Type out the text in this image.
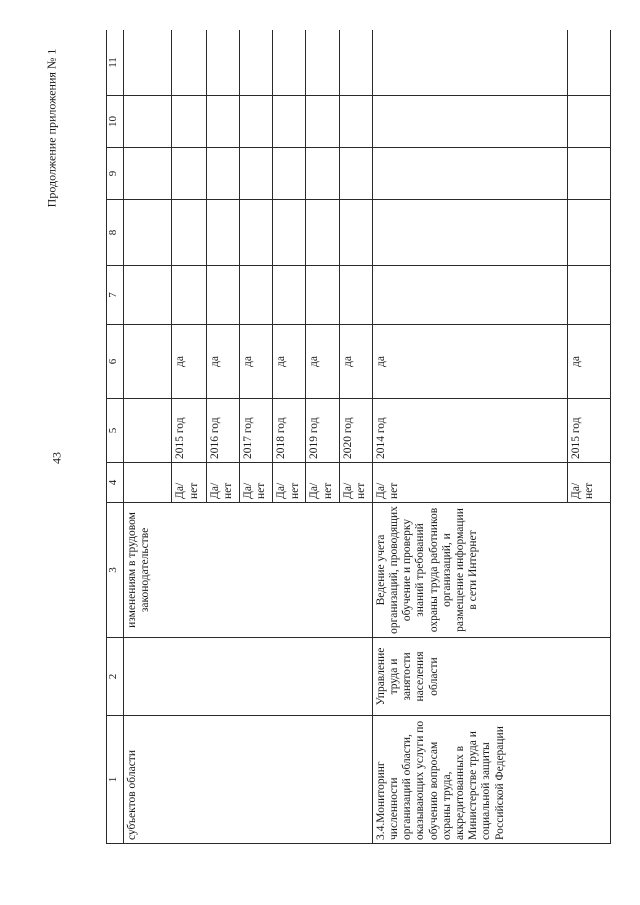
43
Продолжение приложения № 1
1	2	3	4	5	6	7	8	9	10	11

субъектов области		изменениям в трудовом законодательстве								

			Да/ нет	2015 год	да					
			Да/ нет	2016 год	да					
			Да/ нет	2017 год	да					
			Да/ нет	2018 год	да					
			Да/ нет	2019 год	да					
			Да/ нет	2020 год	да					

3.4.Мониторинг численности организаций области, оказывающих услуги по обучению вопросам охраны труда, аккредитованных в Министерстве труда и социальной защиты Российской Федерации	Управление труда и занятости населения области	Ведение учета организаций, проводящих обучение и проверку знаний требований охраны труда работников организаций, и размещение информации в сети Интернет	Да/ нет	2014 год	да					
			Да/ нет	2015 год	да					
